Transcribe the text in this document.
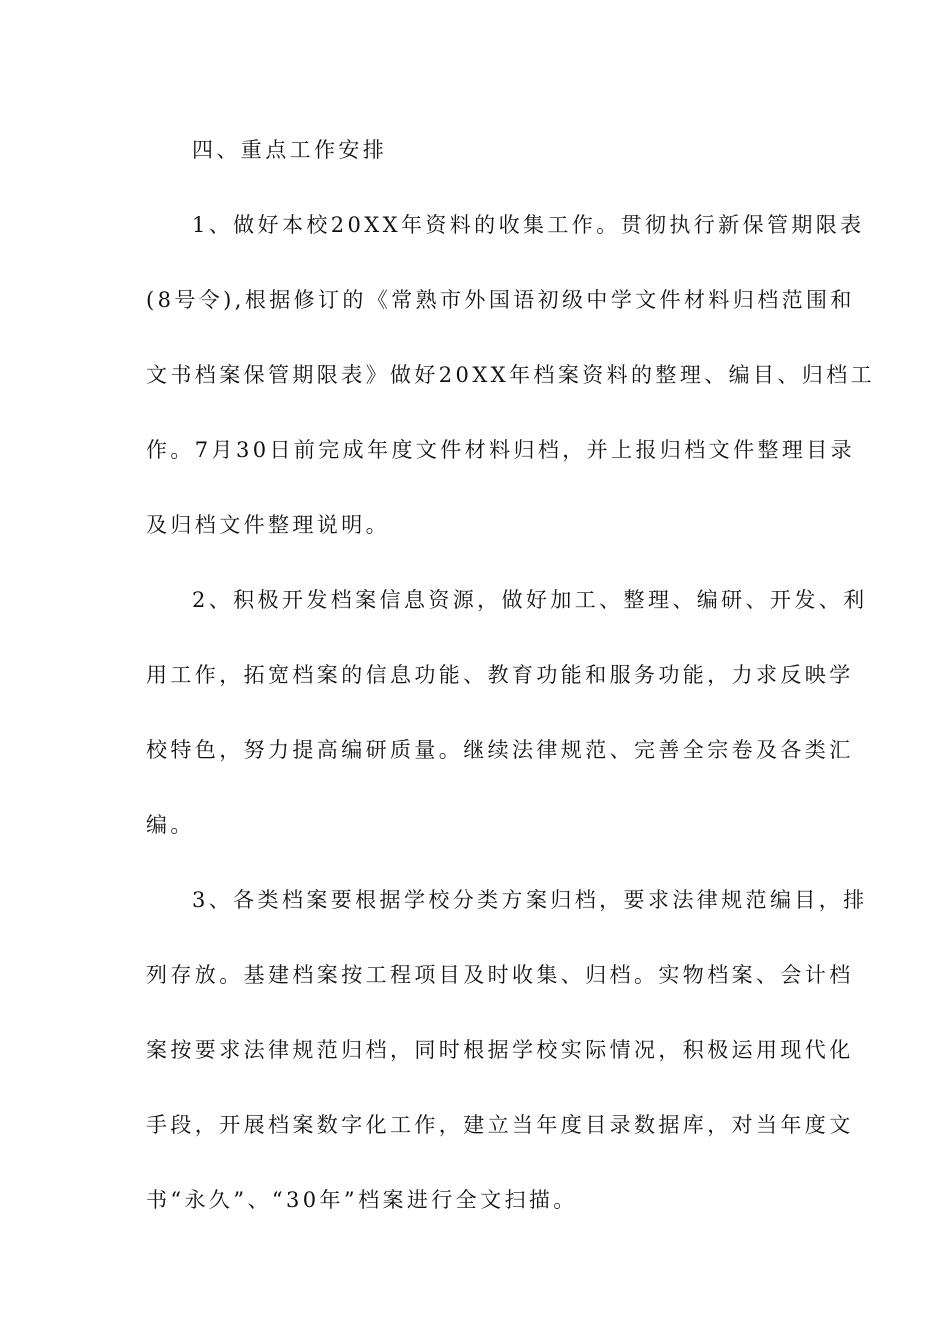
四、重点工作安排
1、做好本校20XX年资料的收集工作。贯彻执行新保管期限表
(8号令),根据修订的《常熟市外国语初级中学文件材料归档范围和
文书档案保管期限表》做好20XX年档案资料的整理、编目、归档工
作。7月30日前完成年度文件材料归档，并上报归档文件整理目录
及归档文件整理说明。
2、积极开发档案信息资源，做好加工、整理、编研、开发、利
用工作，拓宽档案的信息功能、教育功能和服务功能，力求反映学
校特色，努力提高编研质量。继续法律规范、完善全宗卷及各类汇
编。
3、各类档案要根据学校分类方案归档，要求法律规范编目，排
列存放。基建档案按工程项目及时收集、归档。实物档案、会计档
案按要求法律规范归档，同时根据学校实际情况，积极运用现代化
手段，开展档案数字化工作，建立当年度目录数据库，对当年度文
书“永久”、“30年”档案进行全文扫描。
